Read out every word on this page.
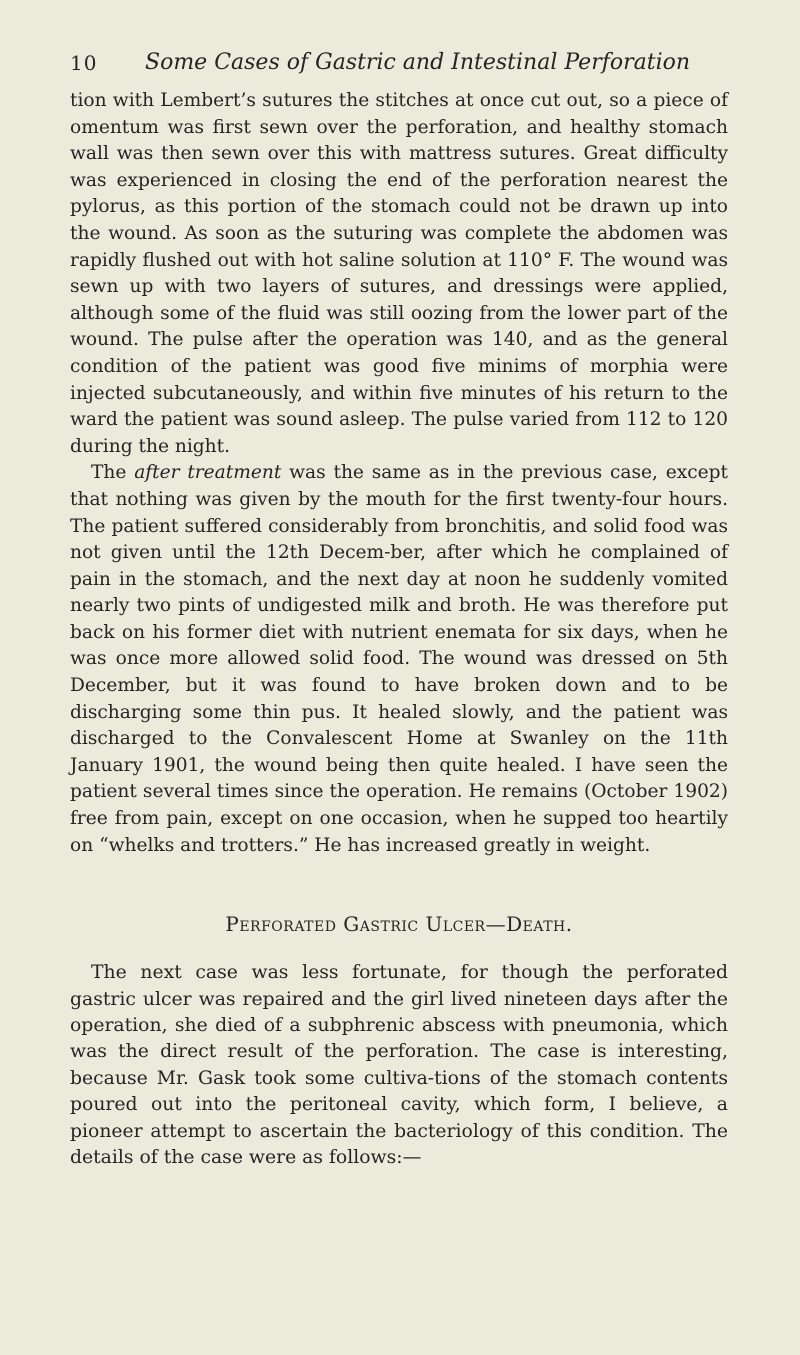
10 Some Cases of Gastric and Intestinal Perforation

tion with Lembert’s sutures the stitches at once cut out, so a piece of omentum was first sewn over the perforation, and healthy stomach wall was then sewn over this with mattress sutures. Great difficulty was experienced in closing the end of the perforation nearest the pylorus, as this portion of the stomach could not be drawn up into the wound. As soon as the suturing was complete the abdomen was rapidly flushed out with hot saline solution at 110° F. The wound was sewn up with two layers of sutures, and dressings were applied, although some of the fluid was still oozing from the lower part of the wound. The pulse after the operation was 140, and as the general condition of the patient was good five minims of morphia were injected subcutaneously, and within five minutes of his return to the ward the patient was sound asleep. The pulse varied from 112 to 120 during the night.

The after treatment was the same as in the previous case, except that nothing was given by the mouth for the first twenty-four hours. The patient suffered considerably from bronchitis, and solid food was not given until the 12th Decem-ber, after which he complained of pain in the stomach, and the next day at noon he suddenly vomited nearly two pints of undigested milk and broth. He was therefore put back on his former diet with nutrient enemata for six days, when he was once more allowed solid food. The wound was dressed on 5th December, but it was found to have broken down and to be discharging some thin pus. It healed slowly, and the patient was discharged to the Convalescent Home at Swanley on the 11th January 1901, the wound being then quite healed. I have seen the patient several times since the operation. He remains (October 1902) free from pain, except on one occasion, when he supped too heartily on “whelks and trotters.” He has increased greatly in weight.

Perforated Gastric Ulcer—Death.

The next case was less fortunate, for though the perforated gastric ulcer was repaired and the girl lived nineteen days after the operation, she died of a subphrenic abscess with pneumonia, which was the direct result of the perforation. The case is interesting, because Mr. Gask took some cultiva-tions of the stomach contents poured out into the peritoneal cavity, which form, I believe, a pioneer attempt to ascertain the bacteriology of this condition. The details of the case were as follows:—
